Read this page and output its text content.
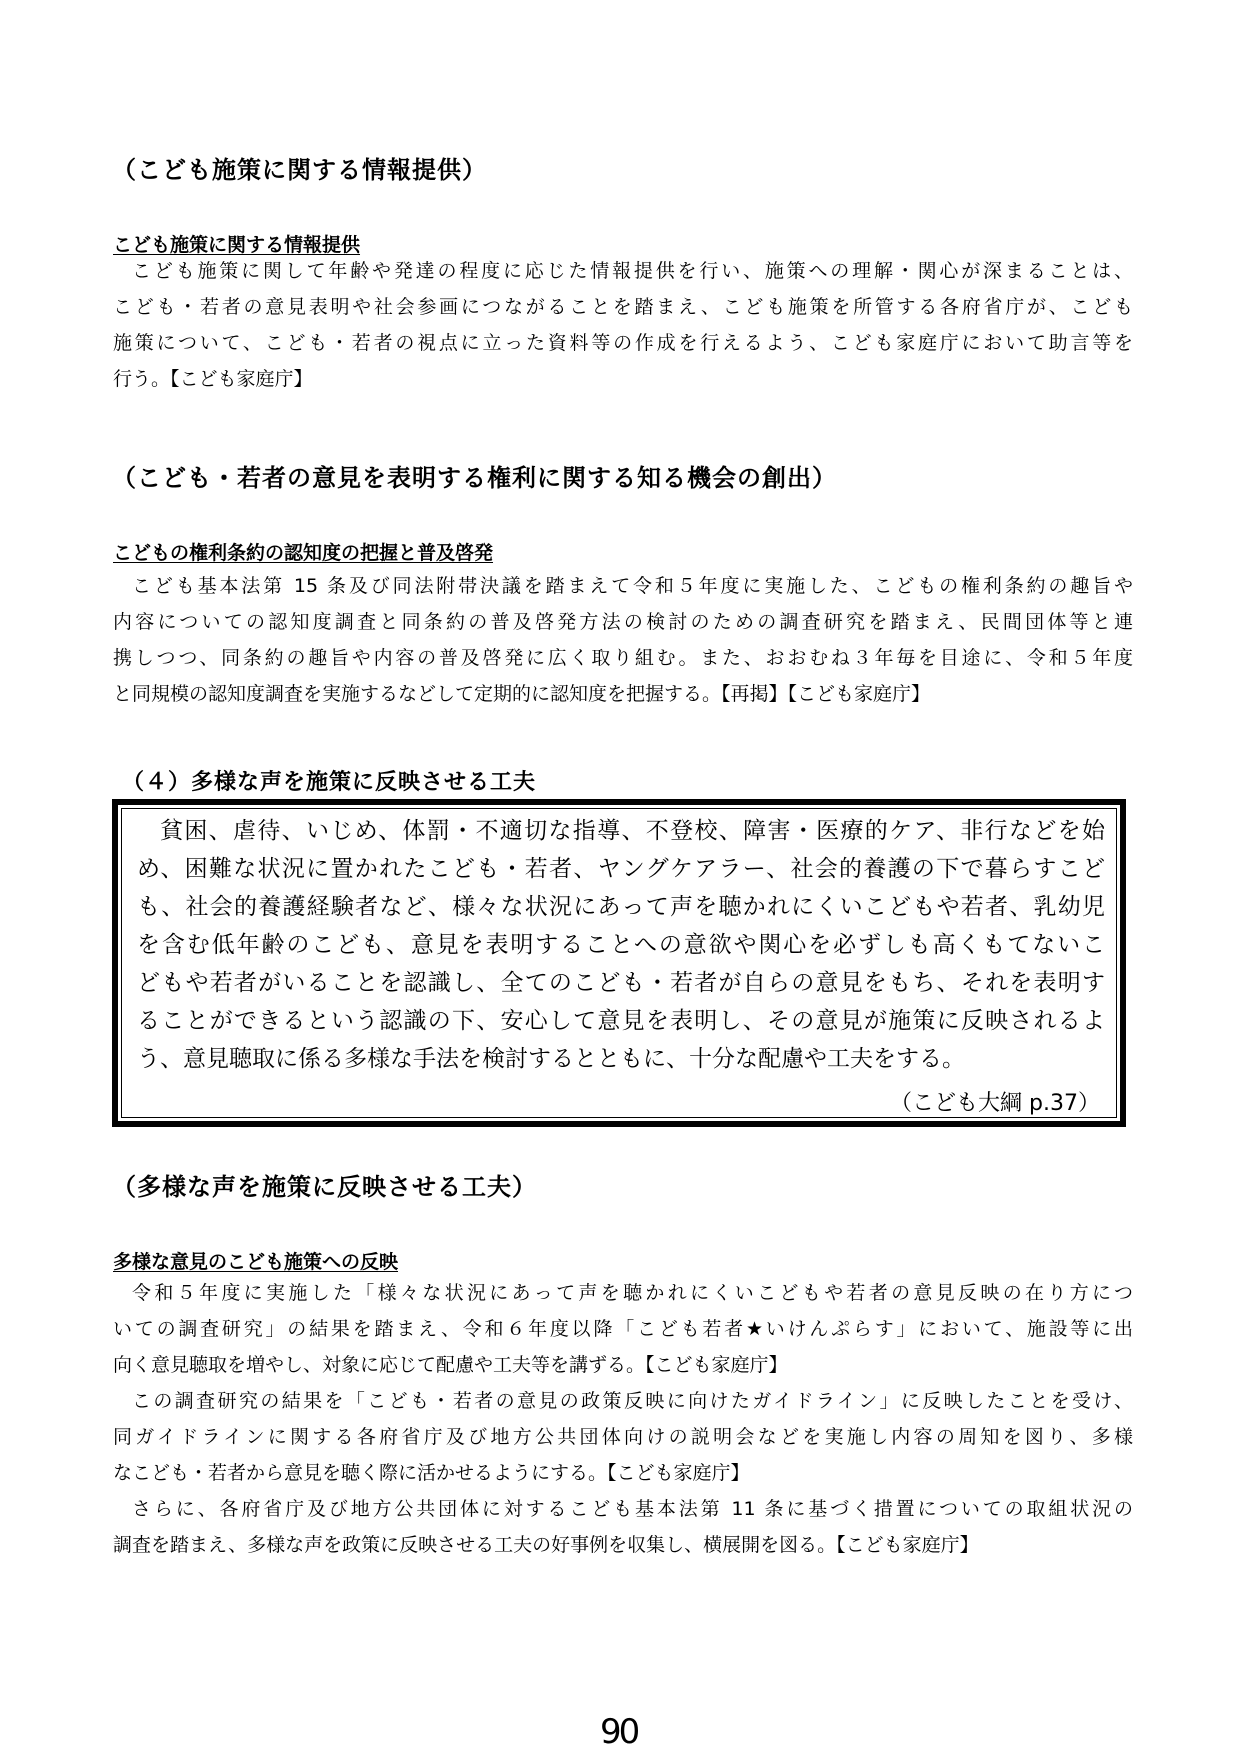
（こども施策に関する情報提供）
こども施策に関する情報提供
こども施策に関して年齢や発達の程度に応じた情報提供を行い、施策への理解・関心が深まることは、
こども・若者の意見表明や社会参画につながることを踏まえ、こども施策を所管する各府省庁が、こども
施策について、こども・若者の視点に立った資料等の作成を行えるよう、こども家庭庁において助言等を
行う。【こども家庭庁】
（こども・若者の意見を表明する権利に関する知る機会の創出）
こどもの権利条約の認知度の把握と普及啓発
こども基本法第 15 条及び同法附帯決議を踏まえて令和５年度に実施した、こどもの権利条約の趣旨や
内容についての認知度調査と同条約の普及啓発方法の検討のための調査研究を踏まえ、民間団体等と連
携しつつ、同条約の趣旨や内容の普及啓発に広く取り組む。また、おおむね３年毎を目途に、令和５年度
と同規模の認知度調査を実施するなどして定期的に認知度を把握する。【再掲】【こども家庭庁】
（４）多様な声を施策に反映させる工夫
貧困、虐待、いじめ、体罰・不適切な指導、不登校、障害・医療的ケア、非行などを始
め、困難な状況に置かれたこども・若者、ヤングケアラー、社会的養護の下で暮らすこど
も、社会的養護経験者など、様々な状況にあって声を聴かれにくいこどもや若者、乳幼児
を含む低年齢のこども、意見を表明することへの意欲や関心を必ずしも高くもてないこ
どもや若者がいることを認識し、全てのこども・若者が自らの意見をもち、それを表明す
ることができるという認識の下、安心して意見を表明し、その意見が施策に反映されるよ
う、意見聴取に係る多様な手法を検討するとともに、十分な配慮や工夫をする。
（こども大綱 p.37）
（多様な声を施策に反映させる工夫）
多様な意見のこども施策への反映
令和５年度に実施した「様々な状況にあって声を聴かれにくいこどもや若者の意見反映の在り方につ
いての調査研究」の結果を踏まえ、令和６年度以降「こども若者★いけんぷらす」において、施設等に出
向く意見聴取を増やし、対象に応じて配慮や工夫等を講ずる。【こども家庭庁】
この調査研究の結果を「こども・若者の意見の政策反映に向けたガイドライン」に反映したことを受け、
同ガイドラインに関する各府省庁及び地方公共団体向けの説明会などを実施し内容の周知を図り、多様
なこども・若者から意見を聴く際に活かせるようにする。【こども家庭庁】
さらに、各府省庁及び地方公共団体に対するこども基本法第 11 条に基づく措置についての取組状況の
調査を踏まえ、多様な声を政策に反映させる工夫の好事例を収集し、横展開を図る。【こども家庭庁】

90
